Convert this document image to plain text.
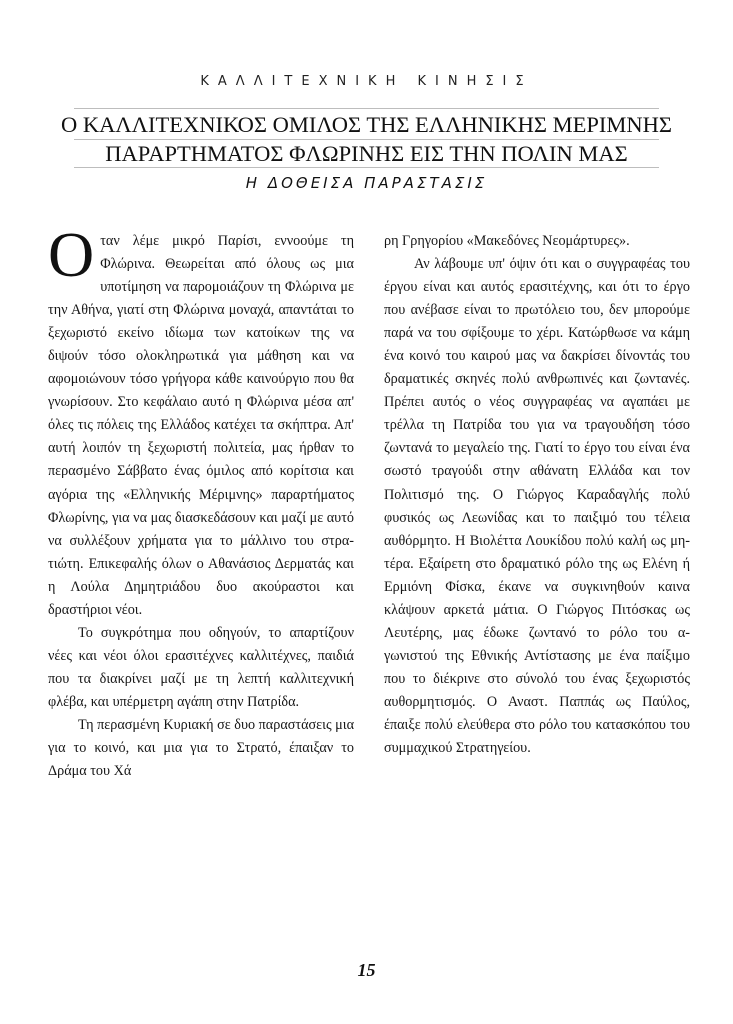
ΚΑΛΛΙΤΕΧΝΙΚΗ ΚΙΝΗΣΙΣ
Ο ΚΑΛΛΙΤΕΧΝΙΚΟΣ ΟΜΙΛΟΣ ΤΗΣ ΕΛΛΗΝΙΚΗΣ ΜΕΡΙΜΝΗΣ
ΠΑΡΑΡΤΗΜΑΤΟΣ ΦΛΩΡΙΝΗΣ ΕΙΣ ΤΗΝ ΠΟΛΙΝ ΜΑΣ
Η ΔΟΘΕΙΣΑ ΠΑΡΑΣΤΑΣΙΣ

Οταν λέμε μικρό Παρίσι, εννοούμε τη Φλώρινα. Θεωρείται από όλους ως μια υποτίμηση να παρομοιάζουν τη Φλώρινα με την Αθήνα, γιατί στη Φλώρινα μοναχά, απαντάται το ξεχωριστό εκείνο ιδίωμα των κατοίκων της να διψούν τόσο ολοκληρωτικά για μάθηση και να αφομοιώνουν τόσο γρήγορα κάθε καινούργιο που θα γνωρίσουν. Στο κεφάλαιο αυτό η Φλώρινα μέσα απ' όλες τις πόλεις της Ελλάδος κατέχει τα σκήπτρα. Απ' αυτή λοιπόν τη ξεχωριστή πολιτεία, μας ήρθαν το περασμένο Σάββατο ένας όμιλος από κορίτσια και αγόρια της «Ελληνικής Μέριμνης» παραρτήματος Φλωρίνης, για να μας διασκεδάσουν και μαζί με αυτό να συλλέξουν χρήματα για το μάλλινο του στρατιώτη. Επικεφαλής όλων ο Αθανάσιος Δερματάς και η Λούλα Δημητριάδου δυο ακούραστοι και δραστήριοι νέοι.

Το συγκρότημα που οδηγούν, το απαρτίζουν νέες και νέοι όλοι ερασιτέχνες καλλιτέχνες, παιδιά που τα διακρίνει μαζί με τη λεπτή καλλιτεχνική φλέβα, και υπέρμετρη αγάπη στην Πατρίδα.

Τη περασμένη Κυριακή σε δυο παραστάσεις μια για το κοινό, και μια για το Στρατό, έπαιξαν το Δράμα του Χά

ρη Γρηγορίου «Μακεδόνες Νεομάρτυρες».

Αν λάβουμε υπ' όψιν ότι και ο συγγραφέας του έργου είναι και αυτός ερασιτέχνης, και ότι το έργο που ανέβασε είναι το πρωτόλειο του, δεν μπορούμε παρά να του σφίξουμε το χέρι. Κατώρθωσε να κάμη ένα κοινό του καιρού μας να δακρίσει δίνοντάς του δραματικές σκηνές πολύ ανθρωπινές και ζωντανές. Πρέπει αυτός ο νέος συγγραφέας να αγαπάει με τρέλλα τη Πατρίδα του για να τραγουδήση τόσο ζωντανά το μεγαλείο της. Γιατί το έργο του είναι ένα σωστό τραγούδι στην αθάνατη Ελλάδα και τον Πολιτισμό της. Ο Γιώργος Καραδαγλής πολύ φυσικός ως Λεωνίδας και το παιξιμό του τέλεια αυθόρμητο. Η Βιολέττα Λουκίδου πολύ καλή ως μητέρα. Εξαίρετη στο δραματικό ρόλο της ως Ελένη ή Ερμιόνη Φίσκα, έκανε να συγκινηθούν καινα κλάψουν αρκετά μάτια. Ο Γιώργος Πιτόσκας ως Λευτέρης, μας έδωκε ζωντανό το ρόλο του αγωνιστού της Εθνικής Αντίστασης με ένα παίξιμο που το διέκρινε στο σύνολό του ένας ξεχωριστός αυθορμητισμός. Ο Αναστ. Παππάς ως Παύλος, έπαιξε πολύ ελεύθερα στο ρόλο του κατασκόπου του συμμαχικού Στρατηγείου.

15
